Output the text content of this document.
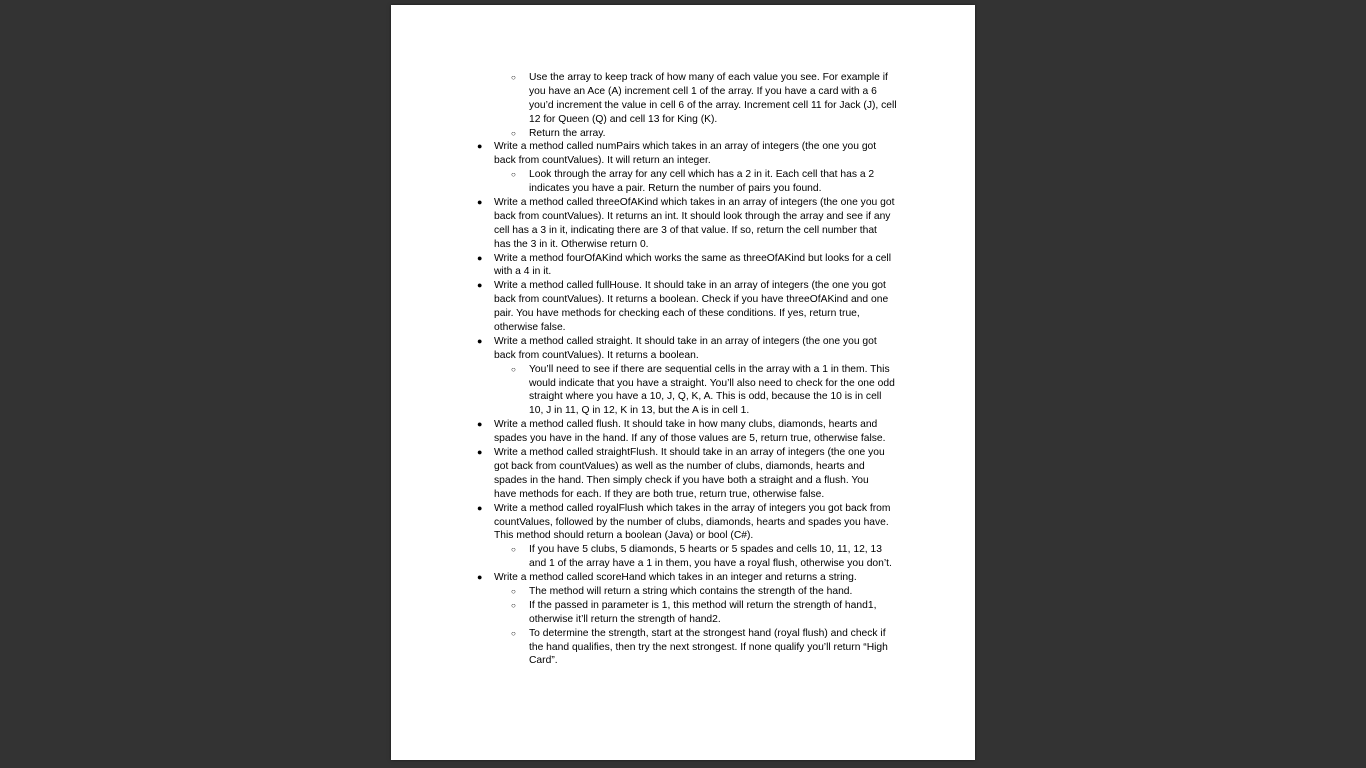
○ Use the array to keep track of how many of each value you see. For example if
you have an Ace (A) increment cell 1 of the array. If you have a card with a 6
you’d increment the value in cell 6 of the array. Increment cell 11 for Jack (J), cell
12 for Queen (Q) and cell 13 for King (K).
○ Return the array.
● Write a method called numPairs which takes in an array of integers (the one you got
back from countValues). It will return an integer.
○ Look through the array for any cell which has a 2 in it. Each cell that has a 2
indicates you have a pair. Return the number of pairs you found.
● Write a method called threeOfAKind which takes in an array of integers (the one you got
back from countValues). It returns an int. It should look through the array and see if any
cell has a 3 in it, indicating there are 3 of that value. If so, return the cell number that
has the 3 in it. Otherwise return 0.
● Write a method fourOfAKind which works the same as threeOfAKind but looks for a cell
with a 4 in it.
● Write a method called fullHouse. It should take in an array of integers (the one you got
back from countValues). It returns a boolean. Check if you have threeOfAKind and one
pair. You have methods for checking each of these conditions. If yes, return true,
otherwise false.
● Write a method called straight. It should take in an array of integers (the one you got
back from countValues). It returns a boolean.
○ You’ll need to see if there are sequential cells in the array with a 1 in them. This
would indicate that you have a straight. You’ll also need to check for the one odd
straight where you have a 10, J, Q, K, A. This is odd, because the 10 is in cell
10, J in 11, Q in 12, K in 13, but the A is in cell 1.
● Write a method called flush. It should take in how many clubs, diamonds, hearts and
spades you have in the hand. If any of those values are 5, return true, otherwise false.
● Write a method called straightFlush. It should take in an array of integers (the one you
got back from countValues) as well as the number of clubs, diamonds, hearts and
spades in the hand. Then simply check if you have both a straight and a flush. You
have methods for each. If they are both true, return true, otherwise false.
● Write a method called royalFlush which takes in the array of integers you got back from
countValues, followed by the number of clubs, diamonds, hearts and spades you have.
This method should return a boolean (Java) or bool (C#).
○ If you have 5 clubs, 5 diamonds, 5 hearts or 5 spades and cells 10, 11, 12, 13
and 1 of the array have a 1 in them, you have a royal flush, otherwise you don’t.
● Write a method called scoreHand which takes in an integer and returns a string.
○ The method will return a string which contains the strength of the hand.
○ If the passed in parameter is 1, this method will return the strength of hand1,
otherwise it’ll return the strength of hand2.
○ To determine the strength, start at the strongest hand (royal flush) and check if
the hand qualifies, then try the next strongest. If none qualify you’ll return “High
Card”.
